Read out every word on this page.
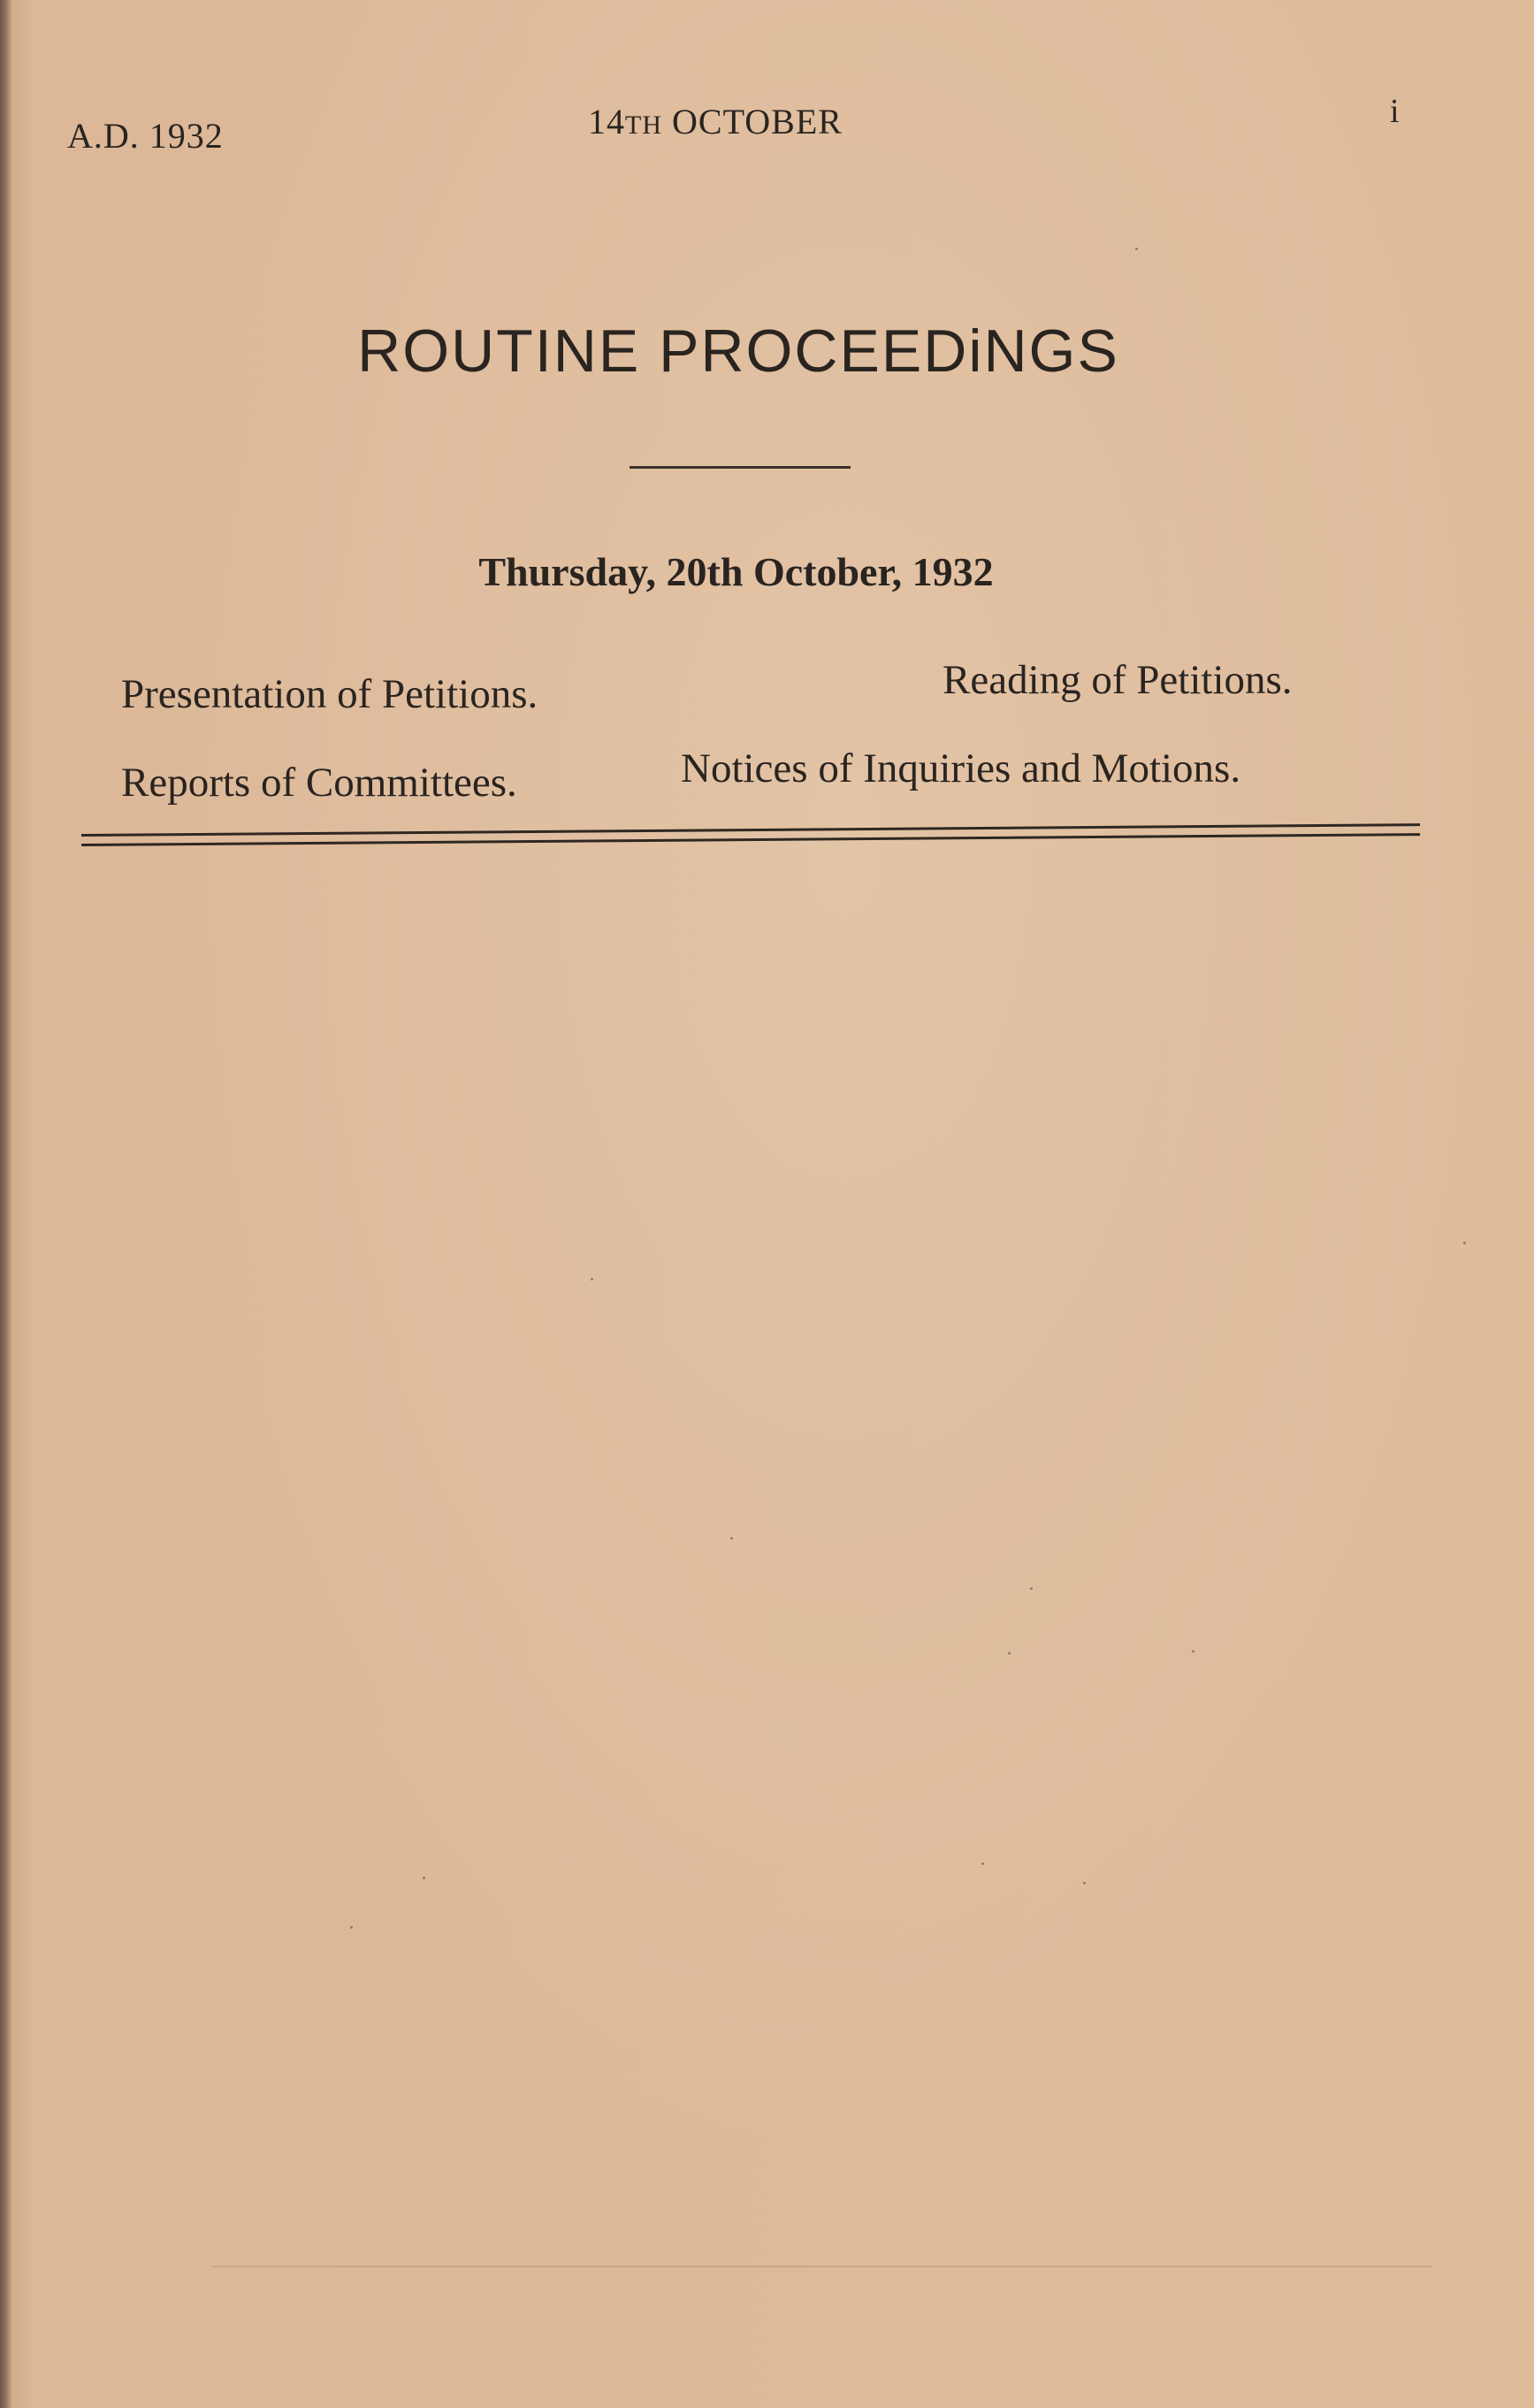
A.D. 1932	14TH OCTOBER	i
ROUTINE PROCEEDiNGS
Thursday, 20th October, 1932
Presentation of Petitions.	Reading of Petitions.
Reports of Committees.	Notices of Inquiries and Motions.
